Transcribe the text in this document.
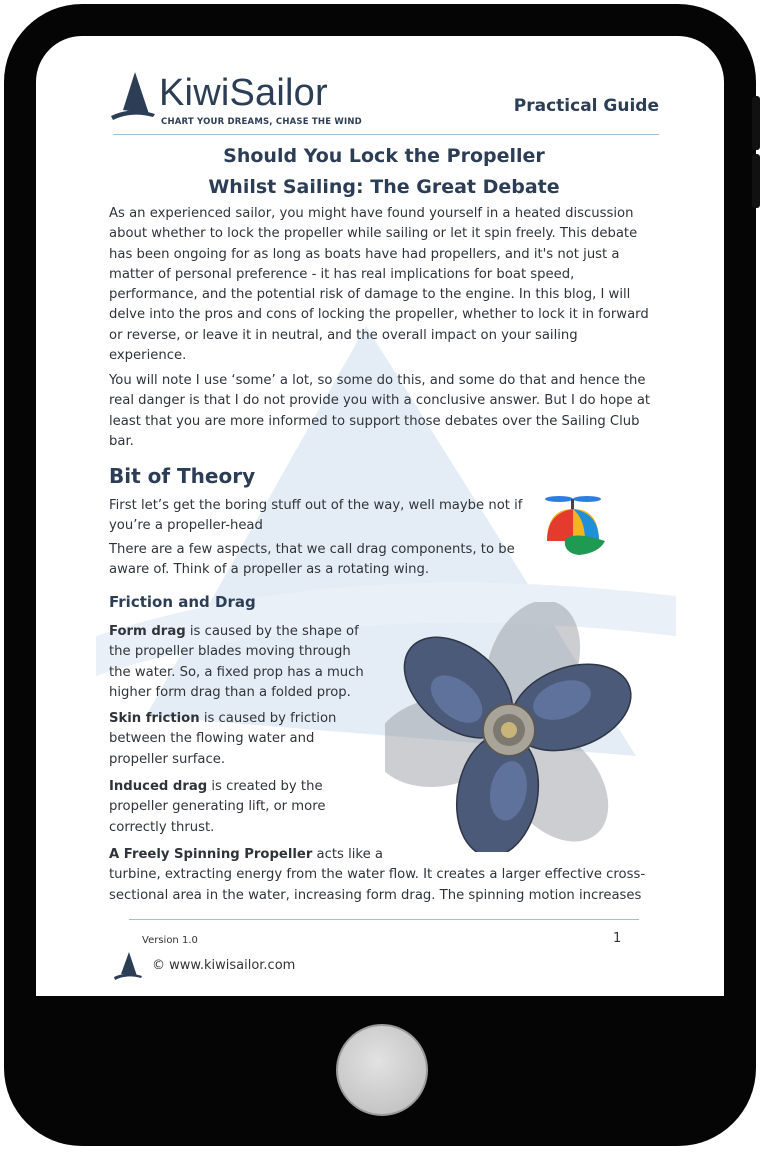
KiwiSailor
CHART YOUR DREAMS, CHASE THE WIND
Practical Guide
Should You Lock the Propeller
Whilst Sailing: The Great Debate
As an experienced sailor, you might have found yourself in a heated discussion
about whether to lock the propeller while sailing or let it spin freely. This debate
has been ongoing for as long as boats have had propellers, and it's not just a
matter of personal preference - it has real implications for boat speed,
performance, and the potential risk of damage to the engine. In this blog, I will
delve into the pros and cons of locking the propeller, whether to lock it in forward
or reverse, or leave it in neutral, and the overall impact on your sailing
experience.
You will note I use ‘some’ a lot, so some do this, and some do that and hence the
real danger is that I do not provide you with a conclusive answer. But I do hope at
least that you are more informed to support those debates over the Sailing Club
bar.
Bit of Theory
First let’s get the boring stuff out of the way, well maybe not if
you’re a propeller-head
There are a few aspects, that we call drag components, to be
aware of. Think of a propeller as a rotating wing.
Friction and Drag
Form drag is caused by the shape of
the propeller blades moving through
the water. So, a fixed prop has a much
higher form drag than a folded prop.
Skin friction is caused by friction
between the flowing water and
propeller surface.
Induced drag is created by the
propeller generating lift, or more
correctly thrust.
A Freely Spinning Propeller acts like a
turbine, extracting energy from the water flow. It creates a larger effective cross-
sectional area in the water, increasing form drag. The spinning motion increases
Version 1.0	1
© www.kiwisailor.com
